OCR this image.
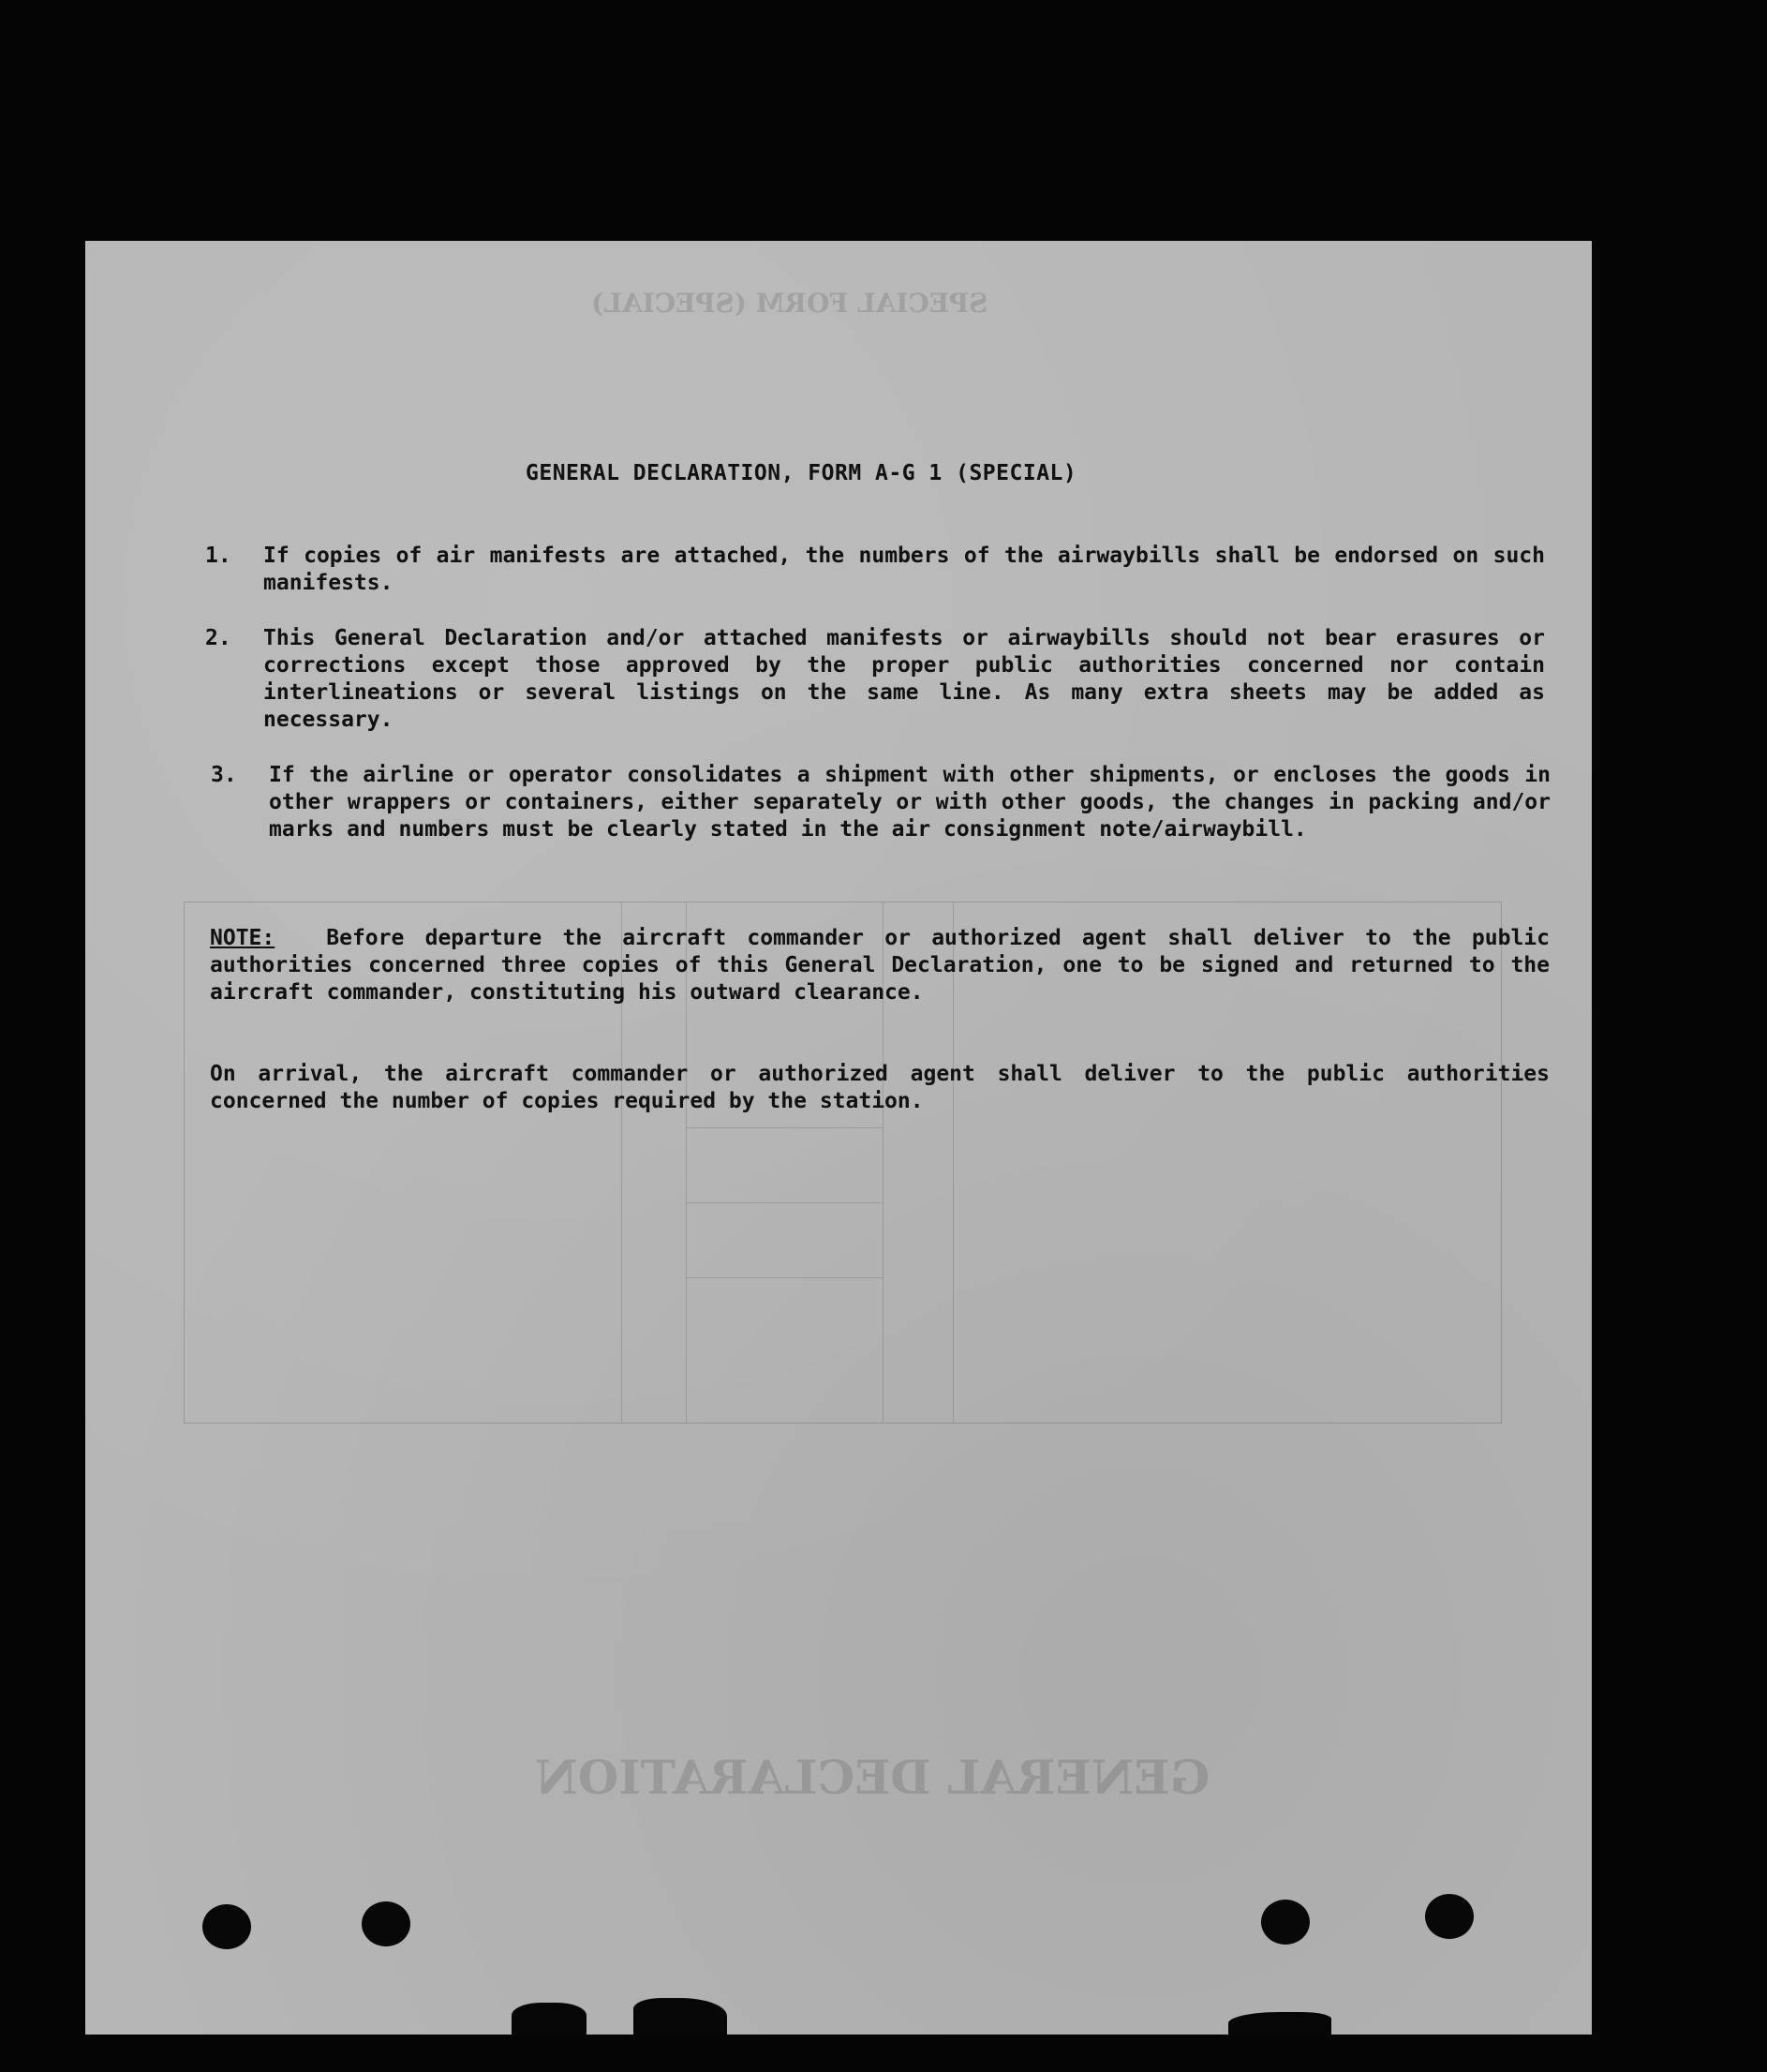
GENERAL DECLARATION
SPECIAL FORM (SPECIAL)
GENERAL DECLARATION, FORM A-G 1 (SPECIAL)
1.	If copies of air manifests are attached, the numbers of the airwaybills shall be endorsed on such manifests.
2.	This General Declaration and/or attached manifests or airwaybills should not bear erasures or corrections except those approved by the proper public authorities concerned nor contain interlineations or several listings on the same line. As many extra sheets may be added as necessary.
3.	If the airline or operator consolidates a shipment with other shipments, or encloses the goods in other wrappers or containers, either separately or with other goods, the changes in packing and/or marks and numbers must be clearly stated in the air consignment note/airwaybill.
NOTE: Before departure the aircraft commander or authorized agent shall deliver to the public authorities concerned three copies of this General Declaration, one to be signed and returned to the aircraft commander, constituting his outward clearance.
On arrival, the aircraft commander or authorized agent shall deliver to the public authorities concerned the number of copies required by the station.
